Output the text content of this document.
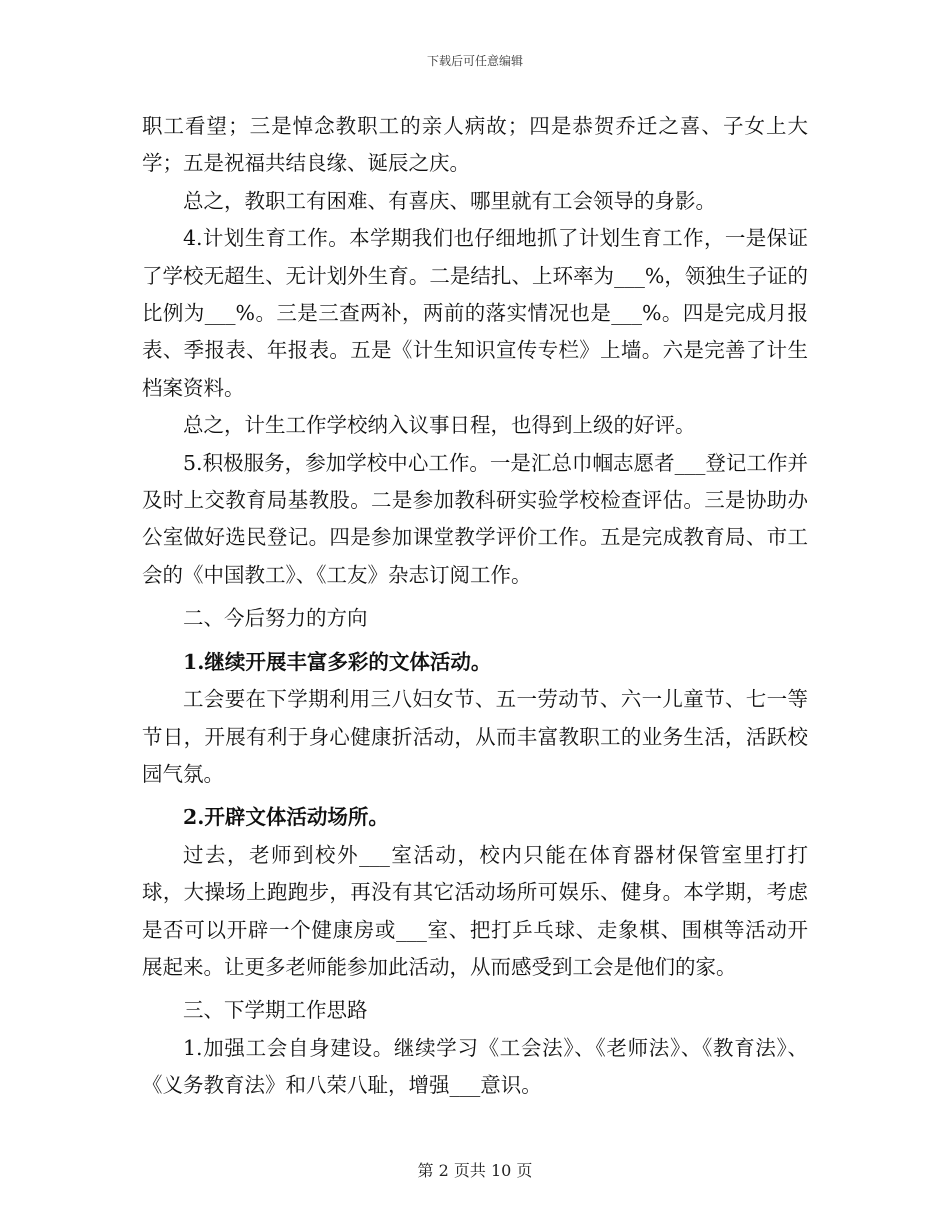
下载后可任意编辑

职工看望；三是悼念教职工的亲人病故；四是恭贺乔迁之喜、子女上大学；五是祝福共结良缘、诞辰之庆。

总之，教职工有困难、有喜庆、哪里就有工会领导的身影。

4.计划生育工作。本学期我们也仔细地抓了计划生育工作，一是保证了学校无超生、无计划外生育。二是结扎、上环率为___%，领独生子证的比例为___%。三是三查两补，两前的落实情况也是___%。四是完成月报表、季报表、年报表。五是《计生知识宣传专栏》上墙。六是完善了计生档案资料。

总之，计生工作学校纳入议事日程，也得到上级的好评。

5.积极服务，参加学校中心工作。一是汇总巾帼志愿者___登记工作并及时上交教育局基教股。二是参加教科研实验学校检查评估。三是协助办公室做好选民登记。四是参加课堂教学评价工作。五是完成教育局、市工会的《中国教工》、《工友》杂志订阅工作。

二、今后努力的方向

1.继续开展丰富多彩的文体活动。

工会要在下学期利用三八妇女节、五一劳动节、六一儿童节、七一等节日，开展有利于身心健康折活动，从而丰富教职工的业务生活，活跃校园气氛。

2.开辟文体活动场所。

过去，老师到校外___室活动，校内只能在体育器材保管室里打打球，大操场上跑跑步，再没有其它活动场所可娱乐、健身。本学期，考虑是否可以开辟一个健康房或___室、把打乒乓球、走象棋、围棋等活动开展起来。让更多老师能参加此活动，从而感受到工会是他们的家。

三、下学期工作思路

1.加强工会自身建设。继续学习《工会法》、《老师法》、《教育法》、《义务教育法》和八荣八耻，增强___意识。

第 2 页共 10 页
